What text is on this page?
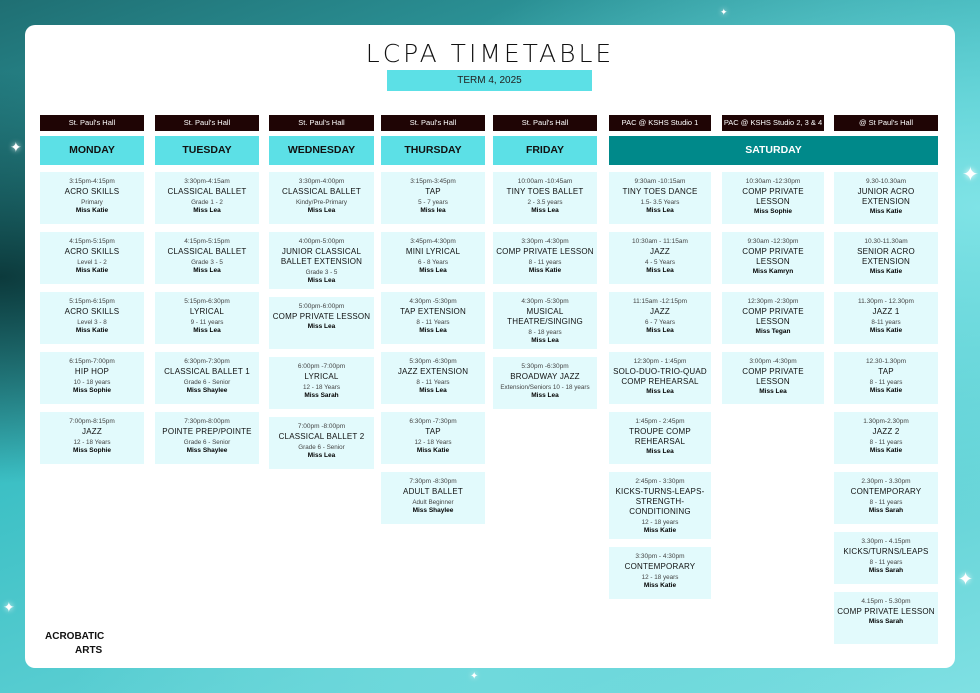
✦
✦
✦
✦
✦
✦
LCPA TIMETABLE
TERM 4, 2025
St. Paul's Hall
MONDAY
3:15pm-4:15pm
ACRO SKILLS
Primary
Miss Katie
4:15pm-5:15pm
ACRO SKILLS
Level 1 - 2
Miss Katie
5:15pm-6:15pm
ACRO SKILLS
Level 3 - 8
Miss Katie
6:15pm-7:00pm
HIP HOP
10 - 18 years
Miss Sophie
7:00pm-8:15pm
JAZZ
12 - 18 Years
Miss Sophie
St. Paul's Hall
TUESDAY
3:30pm-4:15am
CLASSICAL BALLET
Grade 1 - 2
Miss Lea
4:15pm-5:15pm
CLASSICAL BALLET
Grade 3 - 5
Miss Lea
5:15pm-6:30pm
LYRICAL
9 - 11 years
Miss Lea
6:30pm-7:30pm
CLASSICAL BALLET 1
Grade 6 - Senior
Miss Shaylee
7:30pm-8:00pm
POINTE PREP/POINTE
Grade 6 - Senior
Miss Shaylee
St. Paul's Hall
WEDNESDAY
3:30pm-4:00pm
CLASSICAL BALLET
Kindy/Pre-Primary
Miss Lea
4:00pm-5:00pm
JUNIOR CLASSICAL BALLET EXTENSION
Grade 3 - 5
Miss Lea
5:00pm-6:00pm
COMP PRIVATE LESSON
Miss Lea
6:00pm -7:00pm
LYRICAL
12 - 18 Years
Miss Sarah
7:00pm -8:00pm
CLASSICAL BALLET 2
Grade 6 - Senior
Miss Lea
St. Paul's Hall
THURSDAY
3:15pm-3:45pm
TAP
5 - 7 years
Miss lea
3:45pm-4:30pm
MINI LYRICAL
6 - 8 Years
Miss Lea
4:30pm -5:30pm
TAP EXTENSION
8 - 11 Years
Miss Lea
5:30pm -6:30pm
JAZZ EXTENSION
8 - 11 Years
Miss Lea
6:30pm -7:30pm
TAP
12 - 18 Years
Miss Katie
7:30pm -8:30pm
ADULT BALLET
Adult Beginner
Miss Shaylee
St. Paul's Hall
FRIDAY
10:00am -10:45am
TINY TOES BALLET
2 - 3.5 years
Miss Lea
3:30pm -4:30pm
COMP PRIVATE LESSON
8 - 11 years
Miss Katie
4:30pm -5:30pm
MUSICAL THEATRE/SINGING
8 - 18 years
Miss Lea
5:30pm -6:30pm
BROADWAY JAZZ
Extension/Seniors 10 - 18 years
Miss Lea
PAC @ KSHS Studio 1
9:30am -10:15am
TINY TOES DANCE
1.5- 3.5 Years
Miss Lea
10:30am - 11:15am
JAZZ
4 - 5 Years
Miss Lea
11:15am -12:15pm
JAZZ
6 - 7 Years
Miss Lea
12:30pm - 1:45pm
SOLO-DUO-TRIO-QUAD COMP REHEARSAL
Miss Lea
1:45pm - 2:45pm
TROUPE COMP REHEARSAL
Miss Lea
2:45pm - 3:30pm
KICKS-TURNS-LEAPS-STRENGTH-CONDITIONING
12 - 18 years
Miss Katie
3:30pm - 4:30pm
CONTEMPORARY
12 - 18 years
Miss Katie
PAC @ KSHS Studio 2, 3 & 4
10:30am -12:30pm
COMP PRIVATE LESSON
Miss Sophie
9:30am -12:30pm
COMP PRIVATE LESSON
Miss Kamryn
12:30pm -2:30pm
COMP PRIVATE LESSON
Miss Tegan
3:00pm -4:30pm
COMP PRIVATE LESSON
Miss Lea
@ St Paul's Hall
9.30-10.30am
JUNIOR ACRO EXTENSION
Miss Katie
10.30-11.30am
SENIOR ACRO EXTENSION
Miss Katie
11.30pm - 12.30pm
JAZZ 1
8-11 years
Miss Katie
12.30-1.30pm
TAP
8 - 11 years
Miss Katie
1.30pm-2.30pm
JAZZ 2
8 - 11 years
Miss Katie
2.30pm - 3.30pm
CONTEMPORARY
8 - 11 years
Miss Sarah
3.30pm - 4.15pm
KICKS/TURNS/LEAPS
8 - 11 years
Miss Sarah
4.15pm - 5.30pm
COMP PRIVATE LESSON
Miss Sarah
SATURDAY
ACROBATIC
ARTS
